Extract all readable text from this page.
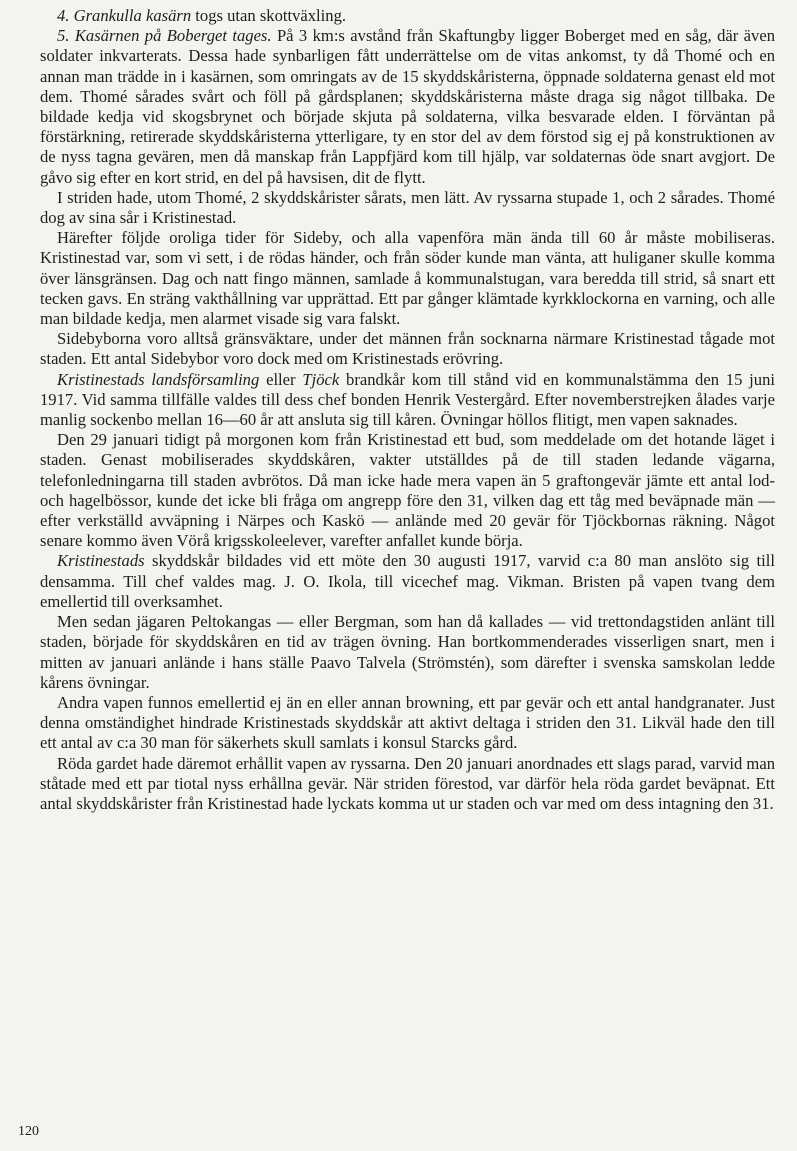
4. Grankulla kasärn togs utan skottväxling.

5. Kasärnen på Boberget tages. På 3 km:s avstånd från Skaftungby ligger Boberget med en såg, där även soldater inkvarterats. Dessa hade synbarligen fått underrättelse om de vitas ankomst, ty då Thomé och en annan man trädde in i kasärnen, som omringats av de 15 skyddskåristerna, öppnade soldaterna genast eld mot dem. Thomé sårades svårt och föll på gårdsplanen; skyddskåristerna måste draga sig något tillbaka. De bildade kedja vid skogsbrynet och började skjuta på soldaterna, vilka besvarade elden. I förväntan på förstärkning, retirerade skyddskåristerna ytterligare, ty en stor del av dem förstod sig ej på konstruktionen av de nyss tagna gevären, men då manskap från Lappfjärd kom till hjälp, var soldaternas öde snart avgjort. De gåvo sig efter en kort strid, en del på havsisen, dit de flytt.

I striden hade, utom Thomé, 2 skyddskårister sårats, men lätt. Av ryssarna stupade 1, och 2 sårades. Thomé dog av sina sår i Kristinestad.

Härefter följde oroliga tider för Sideby, och alla vapenföra män ända till 60 år måste mobiliseras. Kristinestad var, som vi sett, i de rödas händer, och från söder kunde man vänta, att huliganer skulle komma över länsgränsen. Dag och natt fingo männen, samlade å kommunalstugan, vara beredda till strid, så snart ett tecken gavs. En sträng vakthållning var upprättad. Ett par gånger klämtade kyrkklockorna en varning, och alle man bildade kedja, men alarmet visade sig vara falskt.

Sidebyborna voro alltså gränsväktare, under det männen från socknarna närmare Kristinestad tågade mot staden. Ett antal Sidebybor voro dock med om Kristinestads erövring.

Kristinestads landsförsamling eller Tjöck brandkår kom till stånd vid en kommunalstämma den 15 juni 1917. Vid samma tillfälle valdes till dess chef bonden Henrik Vestergård. Efter novemberstrejken ålades varje manlig sockenbo mellan 16—60 år att ansluta sig till kåren. Övningar höllos flitigt, men vapen saknades.

Den 29 januari tidigt på morgonen kom från Kristinestad ett bud, som meddelade om det hotande läget i staden. Genast mobiliserades skyddskåren, vakter utställdes på de till staden ledande vägarna, telefonledningarna till staden avbrötos. Då man icke hade mera vapen än 5 graftongevär jämte ett antal lod- och hagelbössor, kunde det icke bli fråga om angrepp före den 31, vilken dag ett tåg med beväpnade män — efter verkställd avväpning i Närpes och Kaskö — anlände med 20 gevär för Tjöckbornas räkning. Något senare kommo även Vörå krigsskoleelever, varefter anfallet kunde börja.

Kristinestads skyddskår bildades vid ett möte den 30 augusti 1917, varvid c:a 80 man anslöto sig till densamma. Till chef valdes mag. J. O. Ikola, till vicechef mag. Vikman. Bristen på vapen tvang dem emellertid till overksamhet.

Men sedan jägaren Peltokangas — eller Bergman, som han då kallades — vid trettondagstiden anlänt till staden, började för skyddskåren en tid av trägen övning. Han bortkommenderades visserligen snart, men i mitten av januari anlände i hans ställe Paavo Talvela (Strömstén), som därefter i svenska samskolan ledde kårens övningar.

Andra vapen funnos emellertid ej än en eller annan browning, ett par gevär och ett antal handgranater. Just denna omständighet hindrade Kristinestads skyddskår att aktivt deltaga i striden den 31. Likväl hade den till ett antal av c:a 30 man för säkerhets skull samlats i konsul Starcks gård.

Röda gardet hade däremot erhållit vapen av ryssarna. Den 20 januari anordnades ett slags parad, varvid man ståtade med ett par tiotal nyss erhållna gevär. När striden förestod, var därför hela röda gardet beväpnat. Ett antal skyddskårister från Kristinestad hade lyckats komma ut ur staden och var med om dess intagning den 31.

120
